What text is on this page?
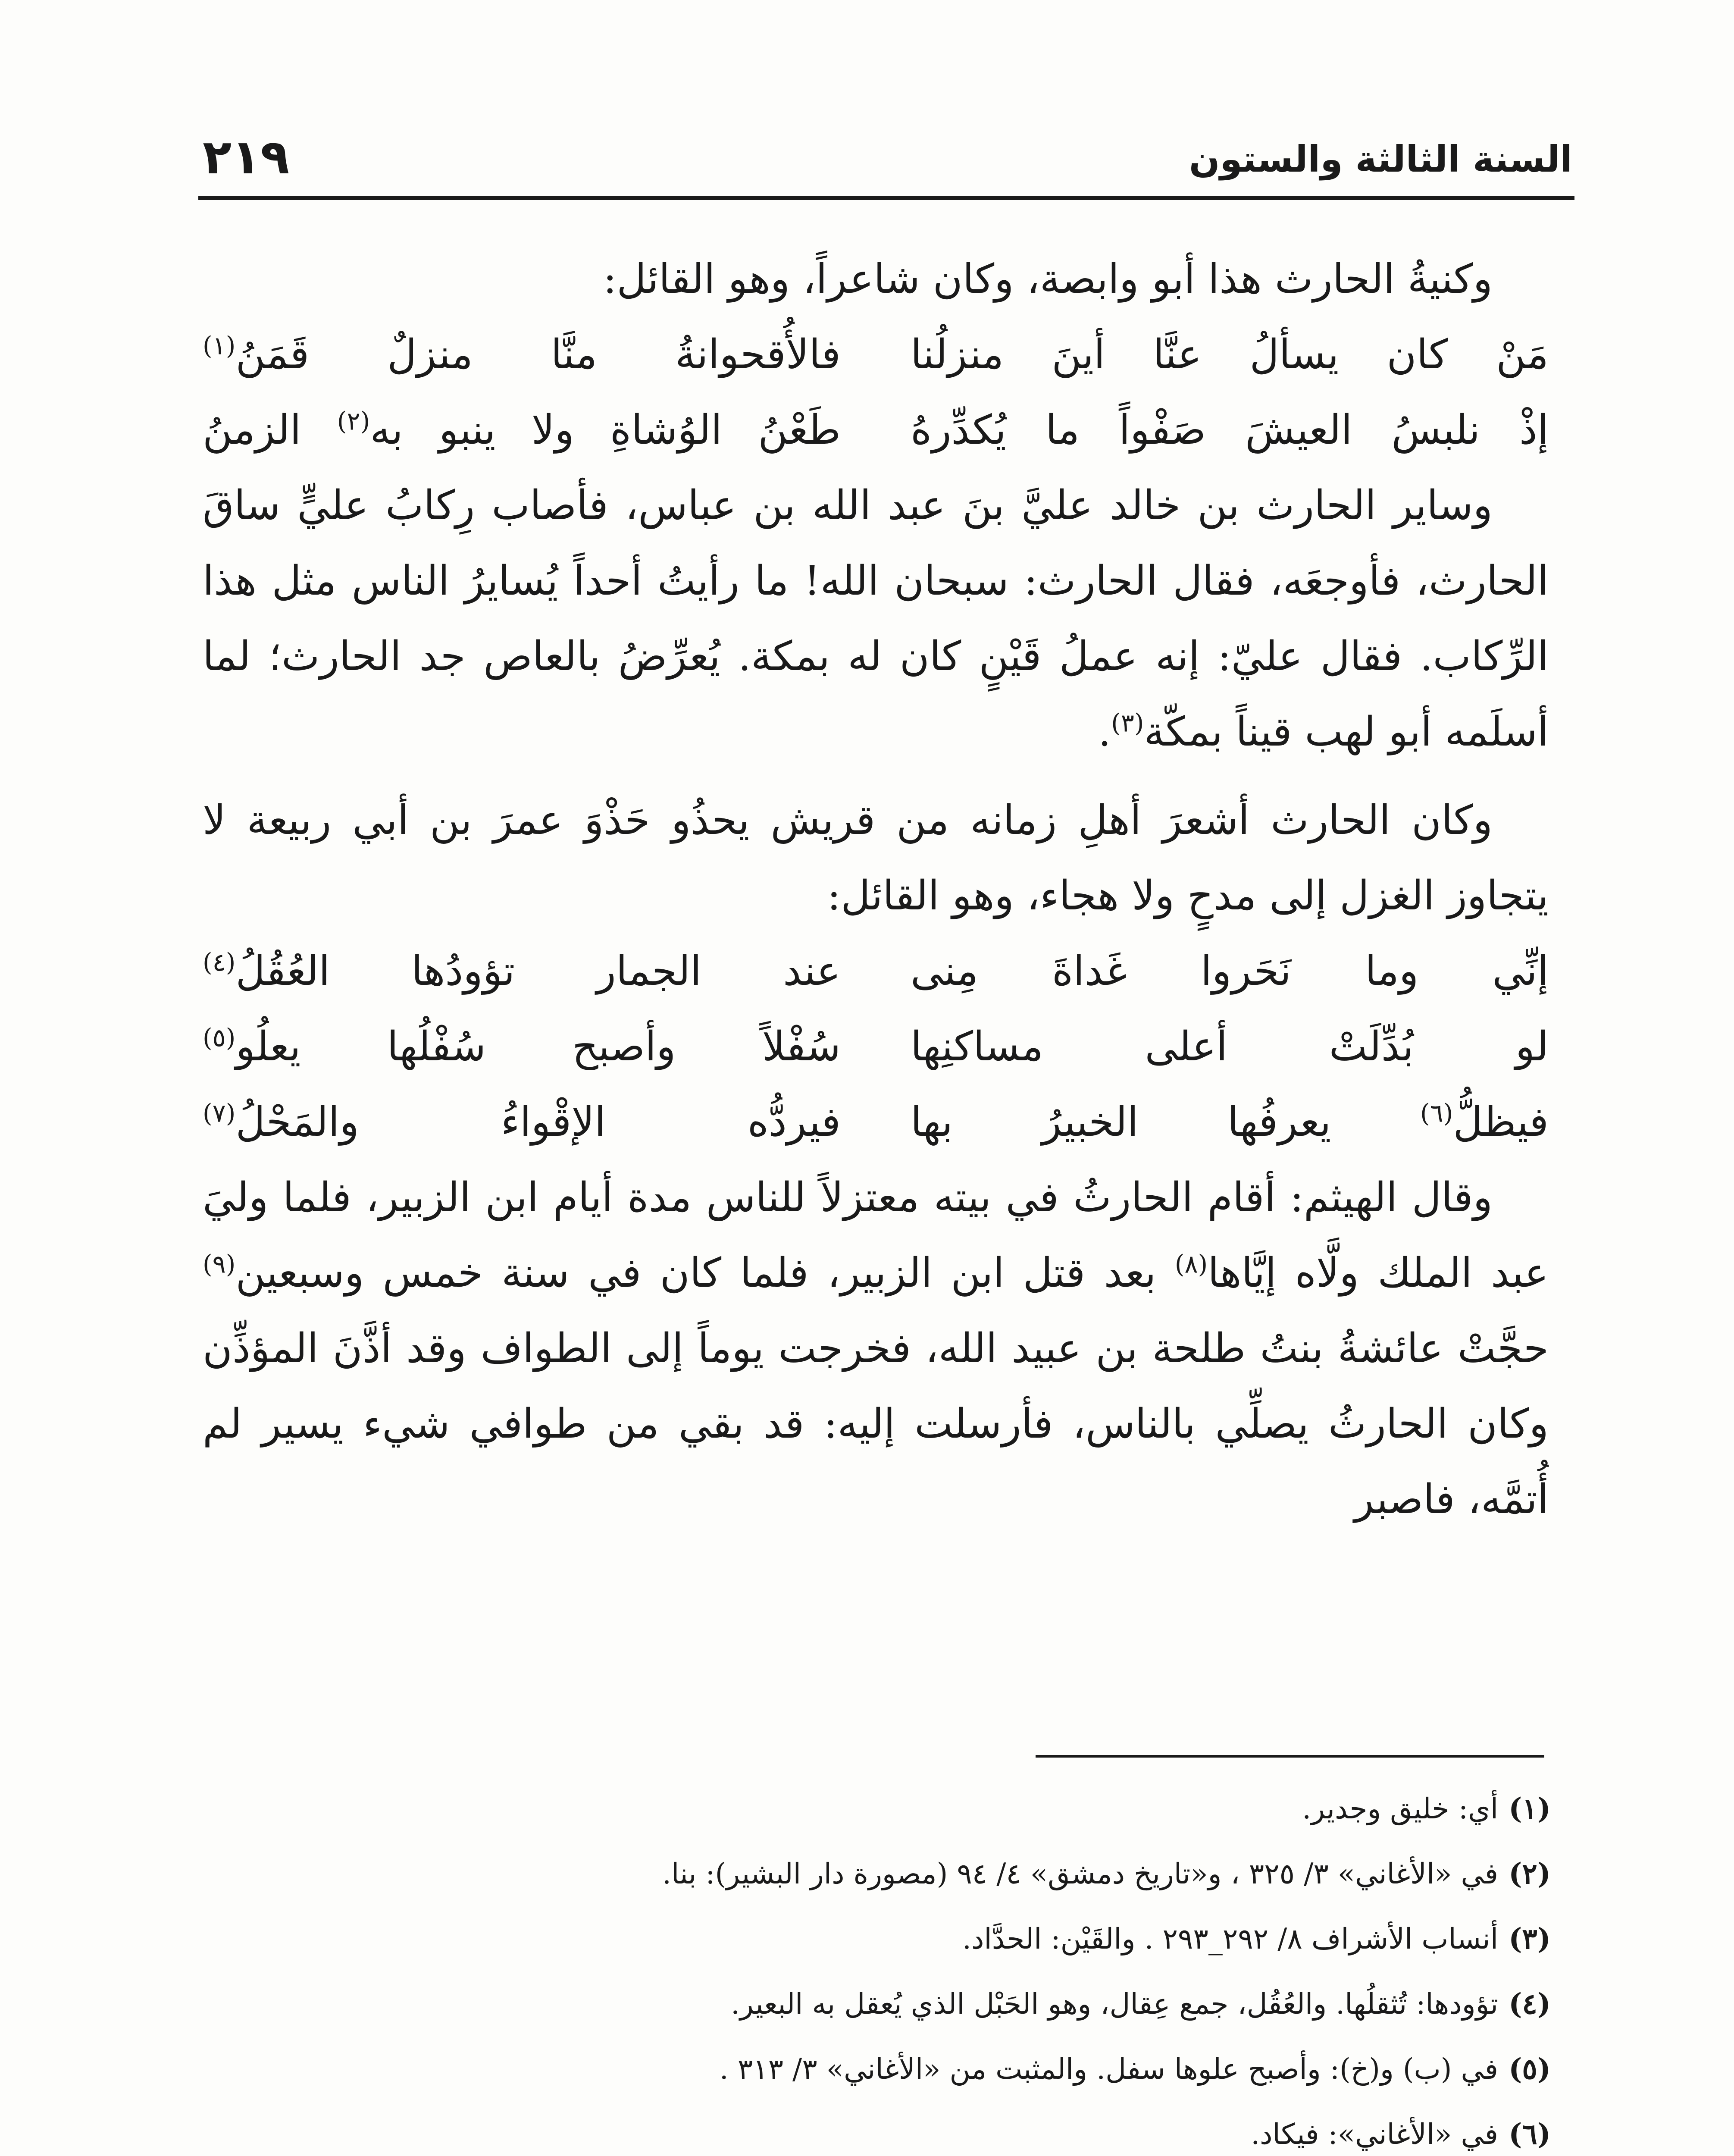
السنة الثالثة والستون
٢١٩

وكنيةُ الحارث هذا أبو وابصة، وكان شاعراً، وهو القائل:

مَنْ كان يسألُ عنَّا أينَ منزلُنا
فالأُقحوانةُ منَّا منزلٌ قَمَنُ$^{(١)}$
إذْ نلبسُ العيشَ صَفْواً ما يُكدِّرهُ
طَعْنُ الوُشاةِ ولا ينبو به$^{(٢)}$ الزمنُ

وساير الحارث بن خالد عليَّ بنَ عبد الله بن عباس، فأصاب رِكابُ عليٍّ ساقَ الحارث، فأوجعَه، فقال الحارث: سبحان الله! ما رأيتُ أحداً يُسايرُ الناس مثل هذا الرِّكاب. فقال عليّ: إنه عملُ قَيْنٍ كان له بمكة. يُعرِّضُ بالعاص جد الحارث؛ لما أسلَمه أبو لهب قيناً بمكّة$^{(٣)}$.

وكان الحارث أشعرَ أهلِ زمانه من قريش يحذُو حَذْوَ عمرَ بن أبي ربيعة لا يتجاوز الغزل إلى مدحٍ ولا هجاء، وهو القائل:

إنِّي وما نَحَروا غَداةَ مِنى
عند الجمار تؤودُها العُقُلُ$^{(٤)}$
لو بُدِّلَتْ أعلى مساكنِها
سُفْلاً وأصبح سُفْلُها يعلُو$^{(٥)}$
فيظلُّ$^{(٦)}$ يعرفُها الخبيرُ بها
فيردُّه الإقْواءُ والمَحْلُ$^{(٧)}$

وقال الهيثم: أقام الحارثُ في بيته معتزلاً للناس مدة أيام ابن الزبير، فلما وليَ عبد الملك ولَّاه إيَّاها$^{(٨)}$ بعد قتل ابن الزبير، فلما كان في سنة خمس وسبعين$^{(٩)}$ حجَّتْ عائشةُ بنتُ طلحة بن عبيد الله، فخرجت يوماً إلى الطواف وقد أذَّنَ المؤذِّن وكان الحارثُ يصلِّي بالناس، فأرسلت إليه: قد بقي من طوافي شيء يسير لم أُتمَّه، فاصبر

(١)أي: خليق وجدير.

(٢)في «الأغاني» ٣/ ٣٢٥ ، و«تاريخ دمشق» ٤/ ٩٤ (مصورة دار البشير): بنا.

(٣)أنساب الأشراف ٨/ ٢٩٢_٢٩٣ . والقَيْن: الحدَّاد.

(٤)تؤودها: تُثقلُها. والعُقُل، جمع عِقال، وهو الحَبْل الذي يُعقل به البعير.

(٥)في (ب) و(خ): وأصبح علوها سفل. والمثبت من «الأغاني» ٣/ ٣١٣ .

(٦)في «الأغاني»: فيكاد.
